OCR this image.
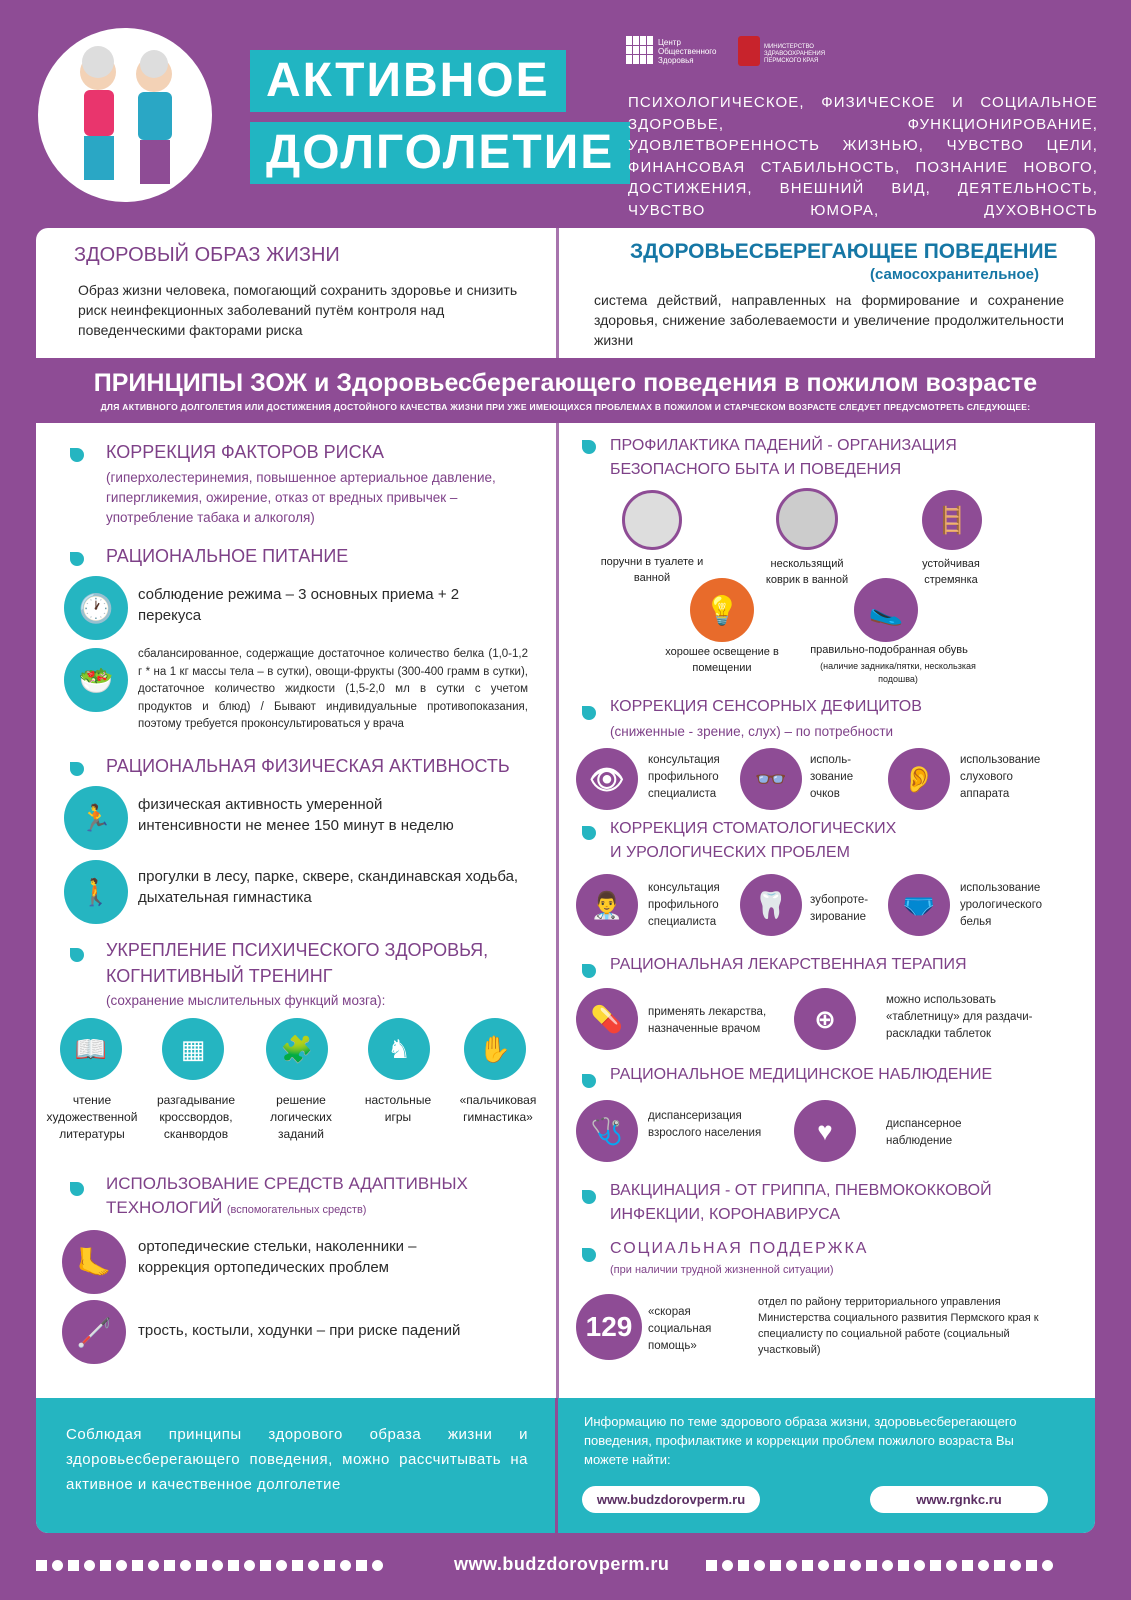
АКТИВНОЕ
ДОЛГОЛЕТИЕ
Центр
Общественного
Здоровья
МИНИСТЕРСТВО
ЗДРАВООХРАНЕНИЯ
ПЕРМСКОГО КРАЯ
ПСИХОЛОГИЧЕСКОЕ, ФИЗИЧЕСКОЕ И СОЦИАЛЬНОЕ ЗДОРОВЬЕ, ФУНКЦИОНИРОВАНИЕ, УДОВЛЕТВОРЕННОСТЬ ЖИЗНЬЮ, ЧУВСТВО ЦЕЛИ, ФИНАНСОВАЯ СТАБИЛЬНОСТЬ, ПОЗНАНИЕ НОВОГО, ДОСТИЖЕНИЯ, ВНЕШНИЙ ВИД, ДЕЯТЕЛЬНОСТЬ, ЧУВСТВО ЮМОРА, ДУХОВНОСТЬ
ЗДОРОВЫЙ ОБРАЗ ЖИЗНИ
Образ жизни человека, помогающий сохранить здоровье и снизить риск неинфекционных заболеваний путём контроля над поведенческими факторами риска
ЗДОРОВЬЕСБЕРЕГАЮЩЕЕ ПОВЕДЕНИЕ
(самосохранительное)
система действий, направленных на формирование и сохранение здоровья, снижение заболеваемости и увеличение продолжительности жизни
ПРИНЦИПЫ ЗОЖ и Здоровьесберегающего поведения в пожилом возрасте

ДЛЯ АКТИВНОГО ДОЛГОЛЕТИЯ ИЛИ ДОСТИЖЕНИЯ ДОСТОЙНОГО КАЧЕСТВА ЖИЗНИ ПРИ УЖЕ ИМЕЮЩИХСЯ ПРОБЛЕМАХ В ПОЖИЛОМ И СТАРЧЕСКОМ ВОЗРАСТЕ СЛЕДУЕТ ПРЕДУСМОТРЕТЬ СЛЕДУЮЩЕЕ:

КОРРЕКЦИЯ ФАКТОРОВ РИСКА
(гиперхолестеринемия, повышенное артериальное давление, гипергликемия, ожирение, отказ от вредных привычек – употребление табака и алкоголя)
РАЦИОНАЛЬНОЕ ПИТАНИЕ
🕐	соблюдение режима – 3 основных приема + 2 перекуса
🥗
сбалансированное, содержащие достаточное количество белка (1,0-1,2 г * на 1 кг массы тела – в сутки), овощи-фрукты (300-400 грамм в сутки), достаточное количество жидкости (1,5-2,0 мл в сутки с учетом продуктов и блюд) / Бывают индивидуальные противопоказания, поэтому требуется проконсультироваться у врача
РАЦИОНАЛЬНАЯ ФИЗИЧЕСКАЯ АКТИВНОСТЬ
🏃	физическая активность умеренной интенсивности не менее 150 минут в неделю
🚶	прогулки в лесу, парке, сквере, скандинавская ходьба, дыхательная гимнастика
УКРЕПЛЕНИЕ ПСИХИЧЕСКОГО ЗДОРОВЬЯ,
КОГНИТИВНЫЙ ТРЕНИНГ
(сохранение мыслительных функций мозга):
📖	▦	🧩	♞	✋
чтение художественной литературы
разгадывание кроссвордов, сканвордов
решение логических заданий
настольные игры
«пальчиковая гимнастика»
ИСПОЛЬЗОВАНИЕ СРЕДСТВ АДАПТИВНЫХ
ТЕХНОЛОГИЙ (вспомогательных средств)
🦶	ортопедические стельки, наколенники – коррекция ортопедических проблем
🦯	трость, костыли, ходунки – при риске падений
ПРОФИЛАКТИКА ПАДЕНИЙ - ОРГАНИЗАЦИЯ БЕЗОПАСНОГО БЫТА И ПОВЕДЕНИЯ
🪜
поручни в туалете и ванной
нескользящий коврик в ванной
устойчивая стремянка
💡	🥿
хорошее освещение в помещении
правильно-подобранная обувь
(наличие задника/пятки, нескользкая подошва)
КОРРЕКЦИЯ СЕНСОРНЫХ ДЕФИЦИТОВ
(сниженные - зрение, слух) – по потребности
👁
консультация профильного специалиста
👓
исполь-зование очков
👂
использование слухового аппарата
КОРРЕКЦИЯ СТОМАТОЛОГИЧЕСКИХ
И УРОЛОГИЧЕСКИХ ПРОБЛЕМ
👨‍⚕️
консультация профильного специалиста
🦷	зубопроте-зирование	🩲
использование урологического белья
РАЦИОНАЛЬНАЯ ЛЕКАРСТВЕННАЯ ТЕРАПИЯ
💊	применять лекарства, назначенные врачом	⊕
можно использовать «таблетницу» для раздачи-раскладки таблеток
РАЦИОНАЛЬНОЕ МЕДИЦИНСКОЕ НАБЛЮДЕНИЕ
🩺	диспансеризация взрослого населения	♥	диспансерное наблюдение
ВАКЦИНАЦИЯ - ОТ ГРИППА, ПНЕВМОКОККОВОЙ
ИНФЕКЦИИ, КОРОНАВИРУСА
СОЦИАЛЬНАЯ ПОДДЕРЖКА
(при наличии трудной жизненной ситуации)
129	«скорая социальная помощь»
отдел по району территориального управления Министерства социального развития Пермского края к специалисту по социальной работе (социальный участковый)
Соблюдая принципы здорового образа жизни и здоровьесберегающего поведения, можно рассчитывать на активное и качественное долголетие
Информацию по теме здорового образа жизни, здоровьесберегающего поведения, профилактике и коррекции проблем пожилого возраста Вы можете найти:
www.budzdorovperm.ru	www.rgnkc.ru
www.budzdorovperm.ru
